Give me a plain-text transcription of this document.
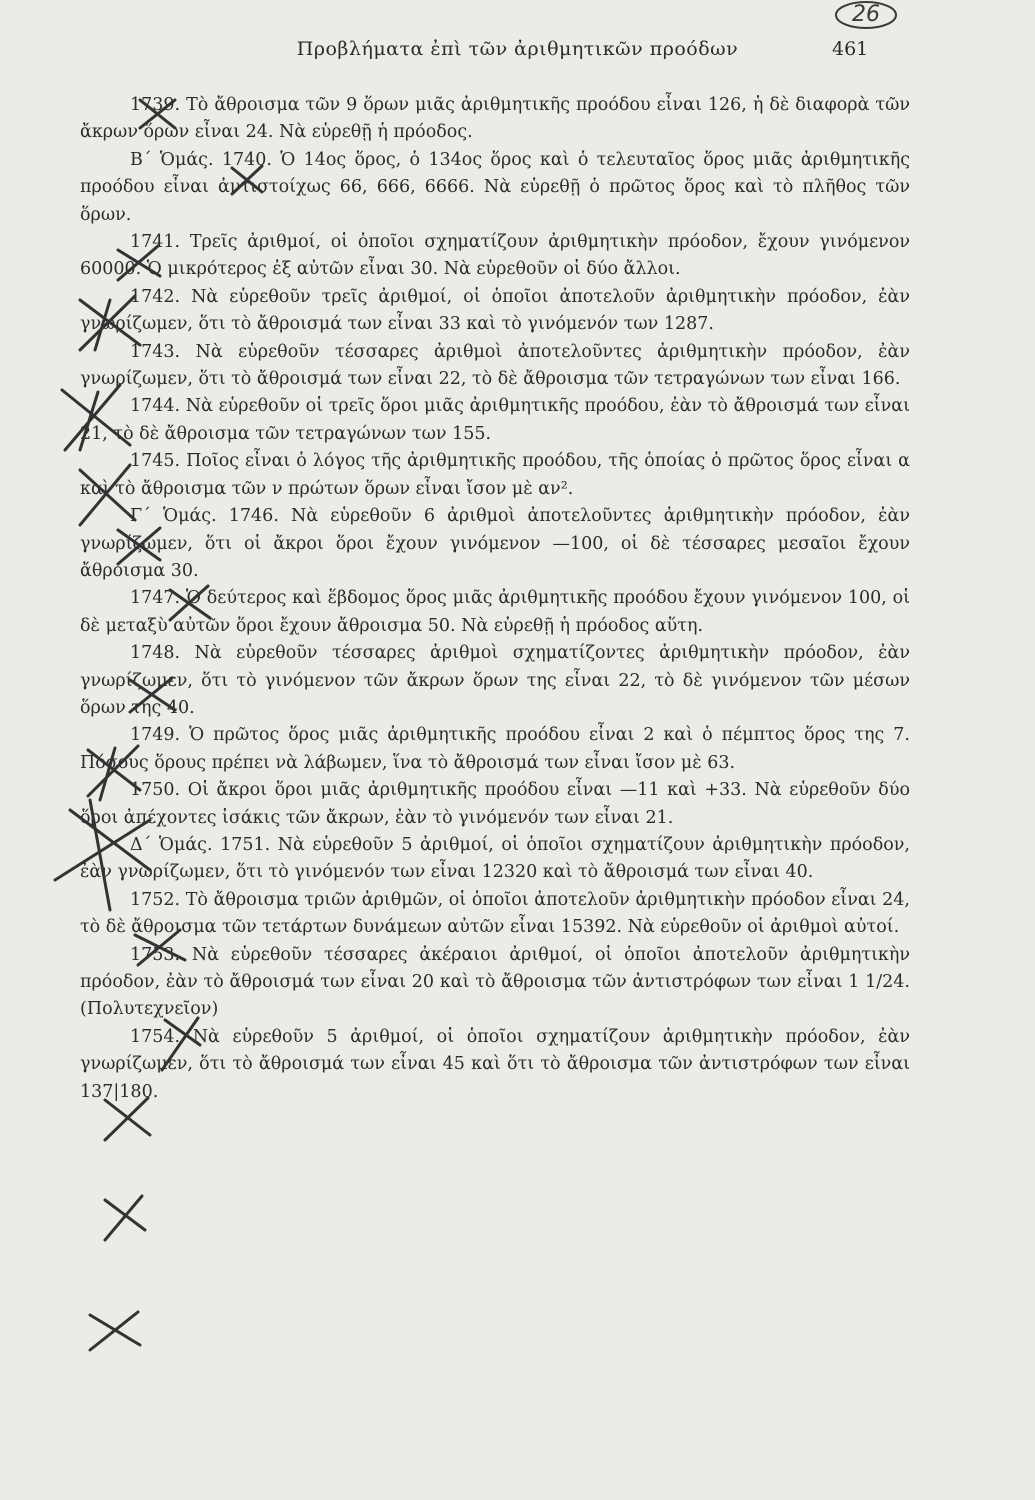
Προβλήματα ἐπὶ τῶν ἀριθμητικῶν προόδων	461
26

1739. Τὸ ἄθροισμα τῶν 9 ὅρων μιᾶς ἀριθμητικῆς προόδου εἶναι 126, ἡ δὲ διαφορὰ τῶν ἄκρων ὅρων εἶναι 24. Νὰ εὑρεθῇ ἡ πρόοδος.

Β΄ Ὁμάς. 1740. Ὁ 14ος ὅρος, ὁ 134ος ὅρος καὶ ὁ τελευταῖος ὅρος μιᾶς ἀριθμητικῆς προόδου εἶναι ἀντιστοίχως 66, 666, 6666. Νὰ εὑρεθῇ ὁ πρῶτος ὅρος καὶ τὸ πλῆθος τῶν ὅρων.

1741. Τρεῖς ἀριθμοί, οἱ ὁποῖοι σχηματίζουν ἀριθμητικὴν πρόοδον, ἔχουν γινόμενον 60000. Ὁ μικρότερος ἐξ αὐτῶν εἶναι 30. Νὰ εὑρεθοῦν οἱ δύο ἄλλοι.

1742. Νὰ εὑρεθοῦν τρεῖς ἀριθμοί, οἱ ὁποῖοι ἀποτελοῦν ἀριθμητικὴν πρόοδον, ἐὰν γνωρίζωμεν, ὅτι τὸ ἄθροισμά των εἶναι 33 καὶ τὸ γινόμενόν των 1287.

1743. Νὰ εὑρεθοῦν τέσσαρες ἀριθμοὶ ἀποτελοῦντες ἀριθμητικὴν πρόοδον, ἐὰν γνωρίζωμεν, ὅτι τὸ ἄθροισμά των εἶναι 22, τὸ δὲ ἄθροισμα τῶν τετραγώνων των εἶναι 166.

1744. Νὰ εὑρεθοῦν οἱ τρεῖς ὅροι μιᾶς ἀριθμητικῆς προόδου, ἐὰν τὸ ἄθροισμά των εἶναι 21, τὸ δὲ ἄθροισμα τῶν τετραγώνων των 155.

1745. Ποῖος εἶναι ὁ λόγος τῆς ἀριθμητικῆς προόδου, τῆς ὁποίας ὁ πρῶτος ὅρος εἶναι α καὶ τὸ ἄθροισμα τῶν ν πρώτων ὅρων εἶναι ἴσον μὲ αν².

Γ΄ Ὁμάς. 1746. Νὰ εὑρεθοῦν 6 ἀριθμοὶ ἀποτελοῦντες ἀριθμητικὴν πρόοδον, ἐὰν γνωρίζωμεν, ὅτι οἱ ἄκροι ὅροι ἔχουν γινόμενον —100, οἱ δὲ τέσσαρες μεσαῖοι ἔχουν ἄθροισμα 30.

1747. Ὁ δεύτερος καὶ ἕβδομος ὅρος μιᾶς ἀριθμητικῆς προόδου ἔχουν γινόμενον 100, οἱ δὲ μεταξὺ αὐτῶν ὅροι ἔχουν ἄθροισμα 50. Νὰ εὑρεθῇ ἡ πρόοδος αὕτη.

1748. Νὰ εὑρεθοῦν τέσσαρες ἀριθμοὶ σχηματίζοντες ἀριθμητικὴν πρόοδον, ἐὰν γνωρίζωμεν, ὅτι τὸ γινόμενον τῶν ἄκρων ὅρων της εἶναι 22, τὸ δὲ γινόμενον τῶν μέσων ὅρων της 40.

1749. Ὁ πρῶτος ὅρος μιᾶς ἀριθμητικῆς προόδου εἶναι 2 καὶ ὁ πέμπτος ὅρος της 7. Πόσους ὅρους πρέπει νὰ λάβωμεν, ἵνα τὸ ἄθροισμά των εἶναι ἴσον μὲ 63.

1750. Οἱ ἄκροι ὅροι μιᾶς ἀριθμητικῆς προόδου εἶναι —11 καὶ +33. Νὰ εὑρεθοῦν δύο ὅροι ἀπέχοντες ἰσάκις τῶν ἄκρων, ἐὰν τὸ γινόμενόν των εἶναι 21.

Δ΄ Ὁμάς. 1751. Νὰ εὑρεθοῦν 5 ἀριθμοί, οἱ ὁποῖοι σχηματίζουν ἀριθμητικὴν πρόοδον, ἐὰν γνωρίζωμεν, ὅτι τὸ γινόμενόν των εἶναι 12320 καὶ τὸ ἄθροισμά των εἶναι 40.

1752. Τὸ ἄθροισμα τριῶν ἀριθμῶν, οἱ ὁποῖοι ἀποτελοῦν ἀριθμητικὴν πρόοδον εἶναι 24, τὸ δὲ ἄθροισμα τῶν τετάρτων δυνάμεων αὐτῶν εἶναι 15392. Νὰ εὑρεθοῦν οἱ ἀριθμοὶ αὐτοί.

1753. Νὰ εὑρεθοῦν τέσσαρες ἀκέραιοι ἀριθμοί, οἱ ὁποῖοι ἀποτελοῦν ἀριθμητικὴν πρόοδον, ἐὰν τὸ ἄθροισμά των εἶναι 20 καὶ τὸ ἄθροισμα τῶν ἀντιστρόφων των εἶναι 1 1/24. (Πολυτεχνεῖον)

1754. Νὰ εὑρεθοῦν 5 ἀριθμοί, οἱ ὁποῖοι σχηματίζουν ἀριθμητικὴν πρόοδον, ἐὰν γνωρίζωμεν, ὅτι τὸ ἄθροισμά των εἶναι 45 καὶ ὅτι τὸ ἄθροισμα τῶν ἀντιστρόφων των εἶναι 137|180.
